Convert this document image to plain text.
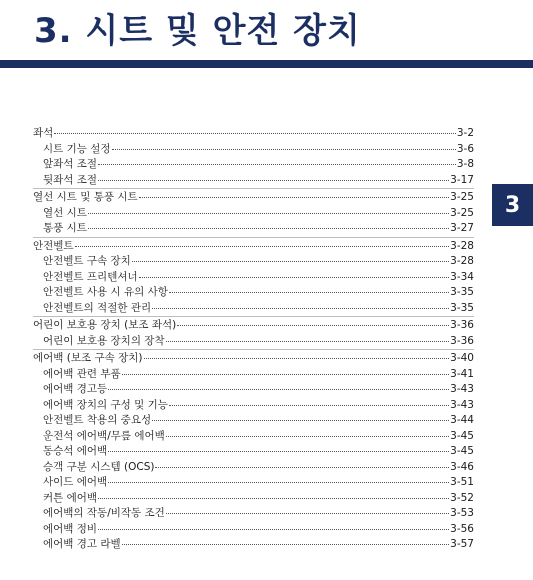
3. 시트 및 안전 장치
3
좌석	3-2
시트 기능 설정	3-6
앞좌석 조절	3-8
뒷좌석 조절	3-17
열선 시트 및 통풍 시트	3-25
열선 시트	3-25
통풍 시트	3-27
안전벨트	3-28
안전벨트 구속 장치	3-28
안전벨트 프리텐셔너	3-34
안전벨트 사용 시 유의 사항	3-35
안전벨트의 적절한 관리	3-35
어린이 보호용 장치 (보조 좌석)	3-36
어린이 보호용 장치의 장착	3-36
에어백 (보조 구속 장치)	3-40
에어백 관련 부품	3-41
에어백 경고등	3-43
에어백 장치의 구성 및 기능	3-43
안전벨트 착용의 중요성	3-44
운전석 에어백/무릎 에어백	3-45
동승석 에어백	3-45
승객 구분 시스템 (OCS)	3-46
사이드 에어백	3-51
커튼 에어백	3-52
에어백의 작동/비작동 조건	3-53
에어백 정비	3-56
에어백 경고 라벨	3-57
